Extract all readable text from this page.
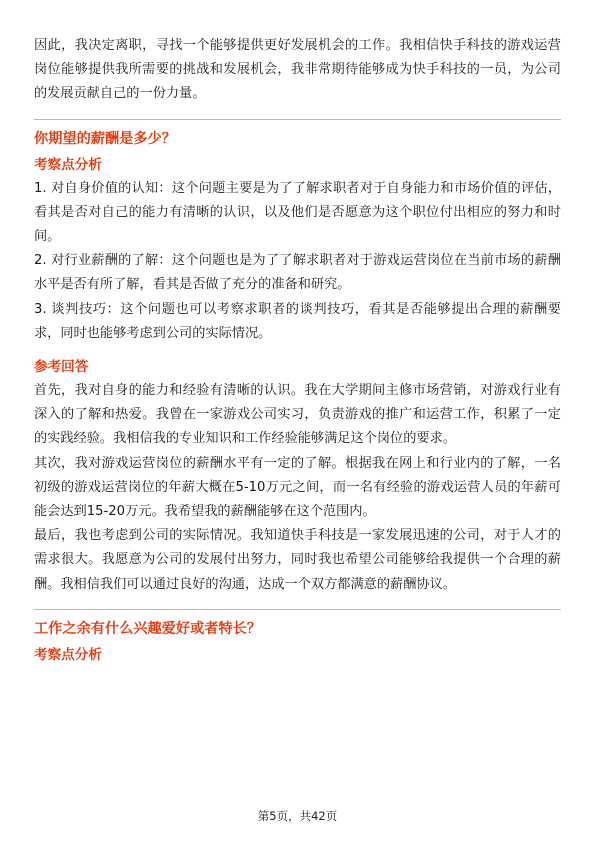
因此，我决定离职，寻找一个能够提供更好发展机会的工作。我相信快手科技的游戏运营岗位能够提供我所需要的挑战和发展机会，我非常期待能够成为快手科技的一员，为公司的发展贡献自己的一份力量。

你期望的薪酬是多少？
考察点分析

1. 对自身价值的认知：这个问题主要是为了了解求职者对于自身能力和市场价值的评估，看其是否对自己的能力有清晰的认识，以及他们是否愿意为这个职位付出相应的努力和时间。

2. 对行业薪酬的了解：这个问题也是为了了解求职者对于游戏运营岗位在当前市场的薪酬水平是否有所了解，看其是否做了充分的准备和研究。

3. 谈判技巧：这个问题也可以考察求职者的谈判技巧，看其是否能够提出合理的薪酬要求，同时也能够考虑到公司的实际情况。

参考回答

首先，我对自身的能力和经验有清晰的认识。我在大学期间主修市场营销，对游戏行业有深入的了解和热爱。我曾在一家游戏公司实习，负责游戏的推广和运营工作，积累了一定的实践经验。我相信我的专业知识和工作经验能够满足这个岗位的要求。

其次，我对游戏运营岗位的薪酬水平有一定的了解。根据我在网上和行业内的了解，一名初级的游戏运营岗位的年薪大概在5-10万元之间，而一名有经验的游戏运营人员的年薪可能会达到15-20万元。我希望我的薪酬能够在这个范围内。

最后，我也考虑到公司的实际情况。我知道快手科技是一家发展迅速的公司，对于人才的需求很大。我愿意为公司的发展付出努力，同时我也希望公司能够给我提供一个合理的薪酬。我相信我们可以通过良好的沟通，达成一个双方都满意的薪酬协议。

工作之余有什么兴趣爱好或者特长？
考察点分析
第5页，共42页
